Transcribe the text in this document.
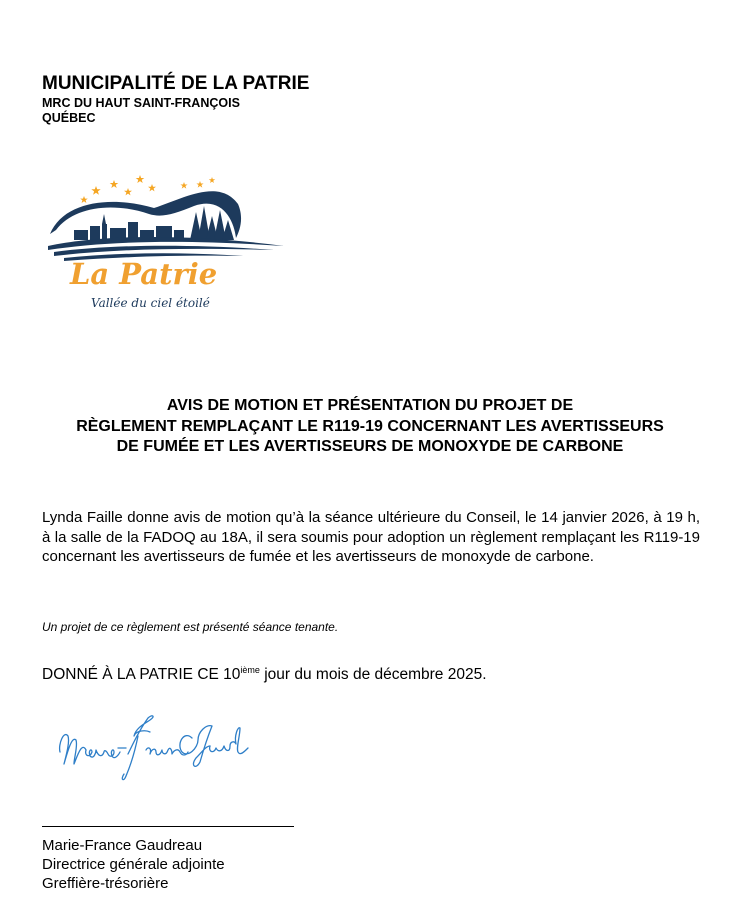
MUNICIPALITÉ DE LA PATRIE
MRC DU HAUT SAINT-FRANÇOIS
QUÉBEC
La Patrie
Vallée du ciel étoilé
AVIS DE MOTION ET PRÉSENTATION DU PROJET DE
RÈGLEMENT REMPLAÇANT LE R119-19 CONCERNANT LES AVERTISSEURS
DE FUMÉE ET LES AVERTISSEURS DE MONOXYDE DE CARBONE
Lynda Faille donne avis de motion qu’à la séance ultérieure du Conseil, le 14 janvier 2026, à 19 h, à la salle de la FADOQ au 18A, il sera soumis pour adoption un règlement remplaçant les R119-19 concernant les avertisseurs de fumée et les avertisseurs de monoxyde de carbone.
Un projet de ce règlement est présenté séance tenante.
DONNÉ À LA PATRIE CE 10ième jour du mois de décembre 2025.
Marie-France Gaudreau
Directrice générale adjointe
Greffière-trésorière
